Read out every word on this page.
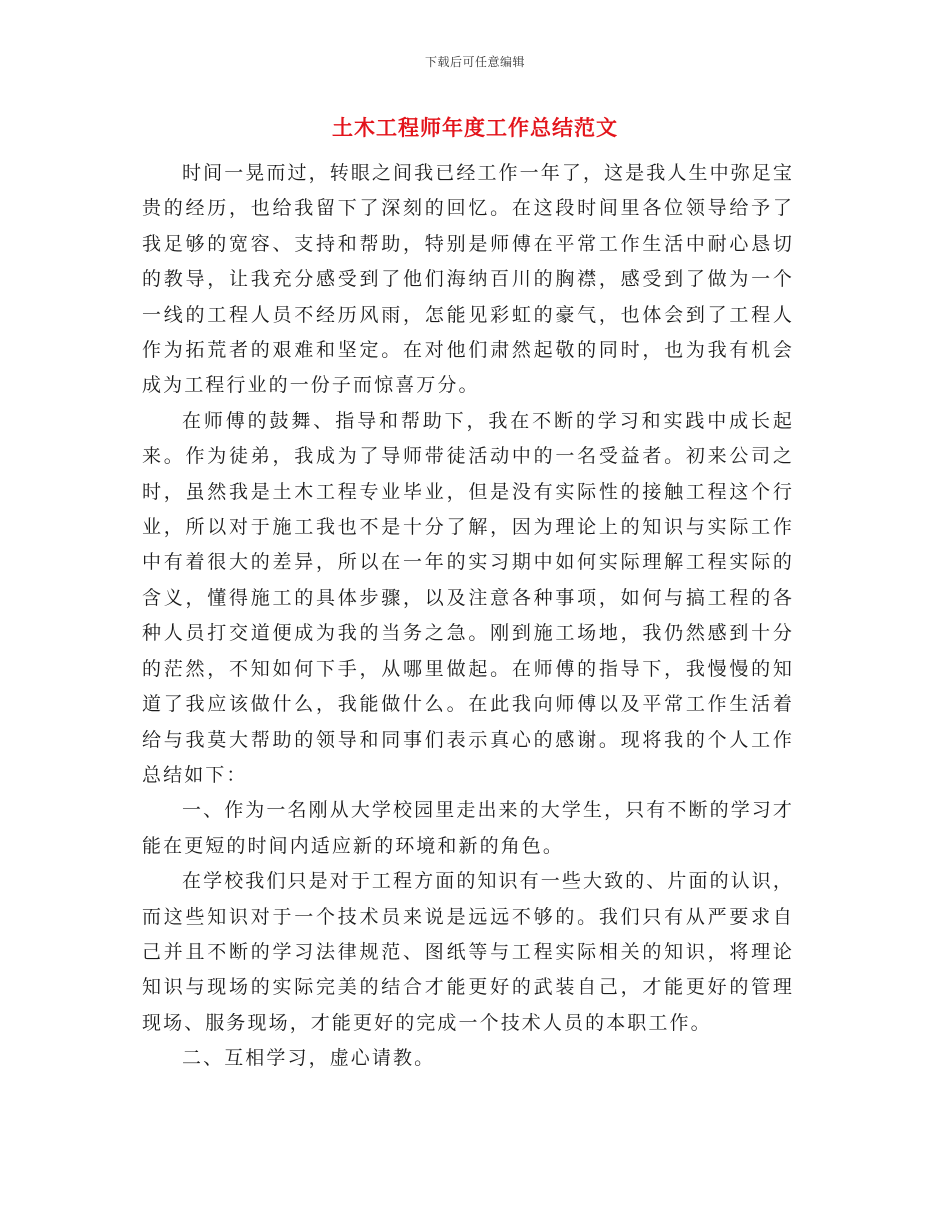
下载后可任意编辑
土木工程师年度工作总结范文

时间一晃而过，转眼之间我已经工作一年了，这是我人生中弥足宝贵的经历，也给我留下了深刻的回忆。在这段时间里各位领导给予了我足够的宽容、支持和帮助，特别是师傅在平常工作生活中耐心恳切的教导，让我充分感受到了他们海纳百川的胸襟，感受到了做为一个一线的工程人员不经历风雨，怎能见彩虹的豪气，也体会到了工程人作为拓荒者的艰难和坚定。在对他们肃然起敬的同时，也为我有机会成为工程行业的一份子而惊喜万分。

在师傅的鼓舞、指导和帮助下，我在不断的学习和实践中成长起来。作为徒弟，我成为了导师带徒活动中的一名受益者。初来公司之时，虽然我是土木工程专业毕业，但是没有实际性的接触工程这个行业，所以对于施工我也不是十分了解，因为理论上的知识与实际工作中有着很大的差异，所以在一年的实习期中如何实际理解工程实际的含义，懂得施工的具体步骤，以及注意各种事项，如何与搞工程的各种人员打交道便成为我的当务之急。刚到施工场地，我仍然感到十分的茫然，不知如何下手，从哪里做起。在师傅的指导下，我慢慢的知道了我应该做什么，我能做什么。在此我向师傅以及平常工作生活着给与我莫大帮助的领导和同事们表示真心的感谢。现将我的个人工作总结如下：

一、作为一名刚从大学校园里走出来的大学生，只有不断的学习才能在更短的时间内适应新的环境和新的角色。

在学校我们只是对于工程方面的知识有一些大致的、片面的认识，而这些知识对于一个技术员来说是远远不够的。我们只有从严要求自己并且不断的学习法律规范、图纸等与工程实际相关的知识，将理论知识与现场的实际完美的结合才能更好的武装自己，才能更好的管理现场、服务现场，才能更好的完成一个技术人员的本职工作。

二、互相学习，虚心请教。
